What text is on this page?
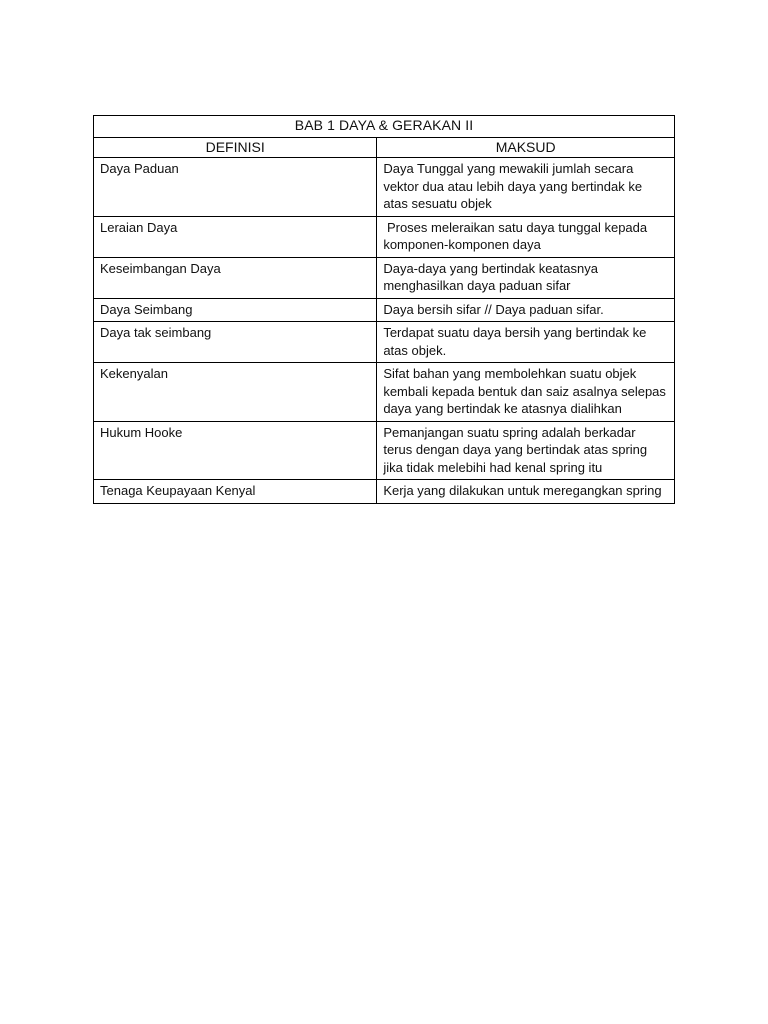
BAB 1 DAYA & GERAKAN II	
DEFINISI	MAKSUD
Daya Paduan	Daya Tunggal yang mewakili jumlah secara vektor dua atau lebih daya yang bertindak ke atas sesuatu objek
Leraian Daya	Proses meleraikan satu daya tunggal kepada komponen-komponen daya
Keseimbangan Daya	Daya-daya yang bertindak keatasnya menghasilkan daya paduan sifar
Daya Seimbang	Daya bersih sifar // Daya paduan sifar.
Daya tak seimbang	Terdapat suatu daya bersih yang bertindak ke atas objek.
Kekenyalan	Sifat bahan yang membolehkan suatu objek kembali kepada bentuk dan saiz asalnya selepas daya yang bertindak ke atasnya dialihkan
Hukum Hooke	Pemanjangan suatu spring adalah berkadar terus dengan daya yang bertindak atas spring jika tidak melebihi had kenal spring itu
Tenaga Keupayaan Kenyal	Kerja yang dilakukan untuk meregangkan spring
